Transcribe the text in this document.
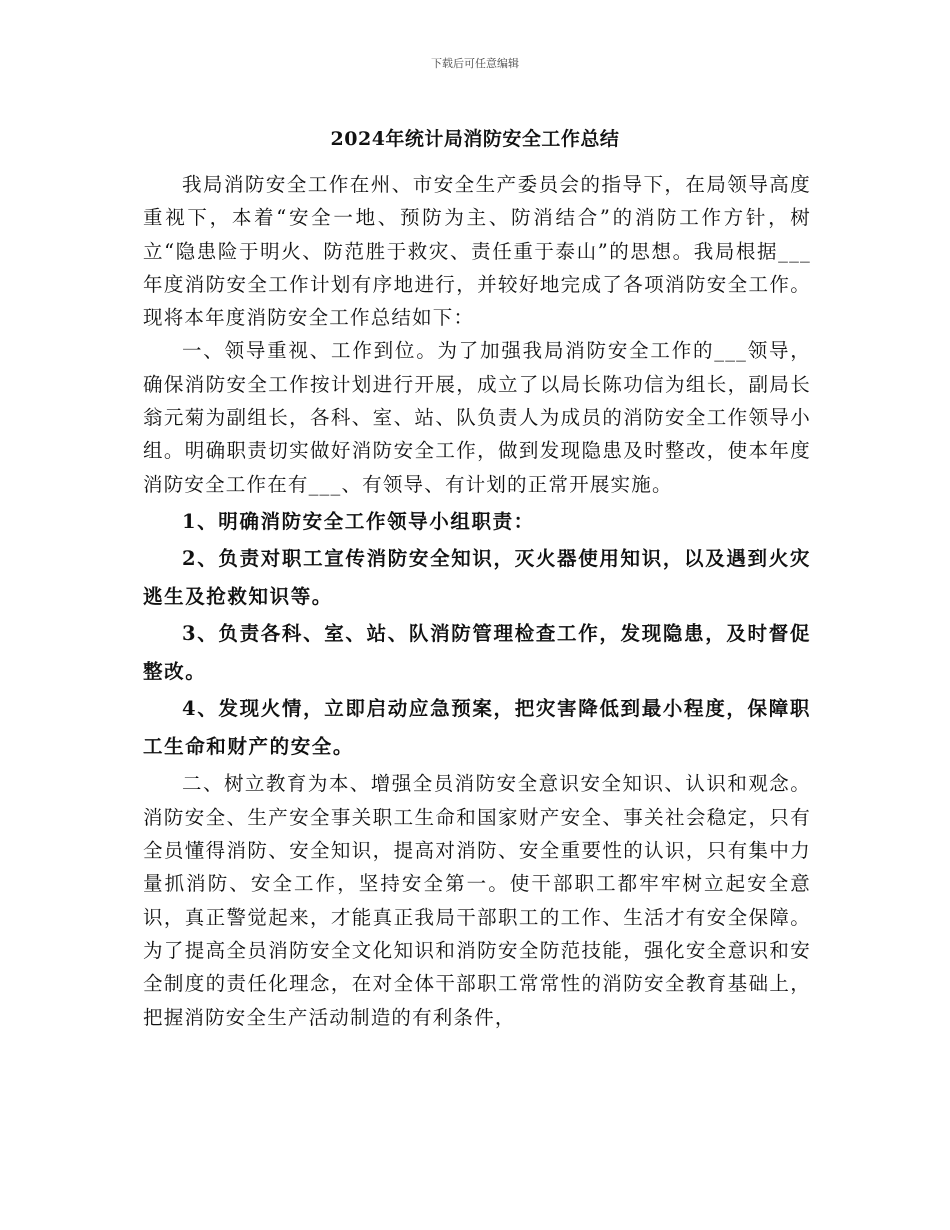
下载后可任意编辑
2024年统计局消防安全工作总结

我局消防安全工作在州、市安全生产委员会的指导下，在局领导高度重视下，本着“安全一地、预防为主、防消结合”的消防工作方针，树立“隐患险于明火、防范胜于救灾、责任重于泰山”的思想。我局根据___年度消防安全工作计划有序地进行，并较好地完成了各项消防安全工作。现将本年度消防安全工作总结如下：

一、领导重视、工作到位。为了加强我局消防安全工作的___领导，确保消防安全工作按计划进行开展，成立了以局长陈功信为组长，副局长翁元菊为副组长，各科、室、站、队负责人为成员的消防安全工作领导小组。明确职责切实做好消防安全工作，做到发现隐患及时整改，使本年度消防安全工作在有___、有领导、有计划的正常开展实施。

1、明确消防安全工作领导小组职责：

2、负责对职工宣传消防安全知识，灭火器使用知识，以及遇到火灾逃生及抢救知识等。

3、负责各科、室、站、队消防管理检查工作，发现隐患，及时督促整改。

4、发现火情，立即启动应急预案，把灾害降低到最小程度，保障职工生命和财产的安全。

二、树立教育为本、增强全员消防安全意识安全知识、认识和观念。消防安全、生产安全事关职工生命和国家财产安全、事关社会稳定，只有全员懂得消防、安全知识，提高对消防、安全重要性的认识，只有集中力量抓消防、安全工作，坚持安全第一。使干部职工都牢牢树立起安全意识，真正警觉起来，才能真正我局干部职工的工作、生活才有安全保障。为了提高全员消防安全文化知识和消防安全防范技能，强化安全意识和安全制度的责任化理念，在对全体干部职工常常性的消防安全教育基础上，把握消防安全生产活动制造的有利条件，
